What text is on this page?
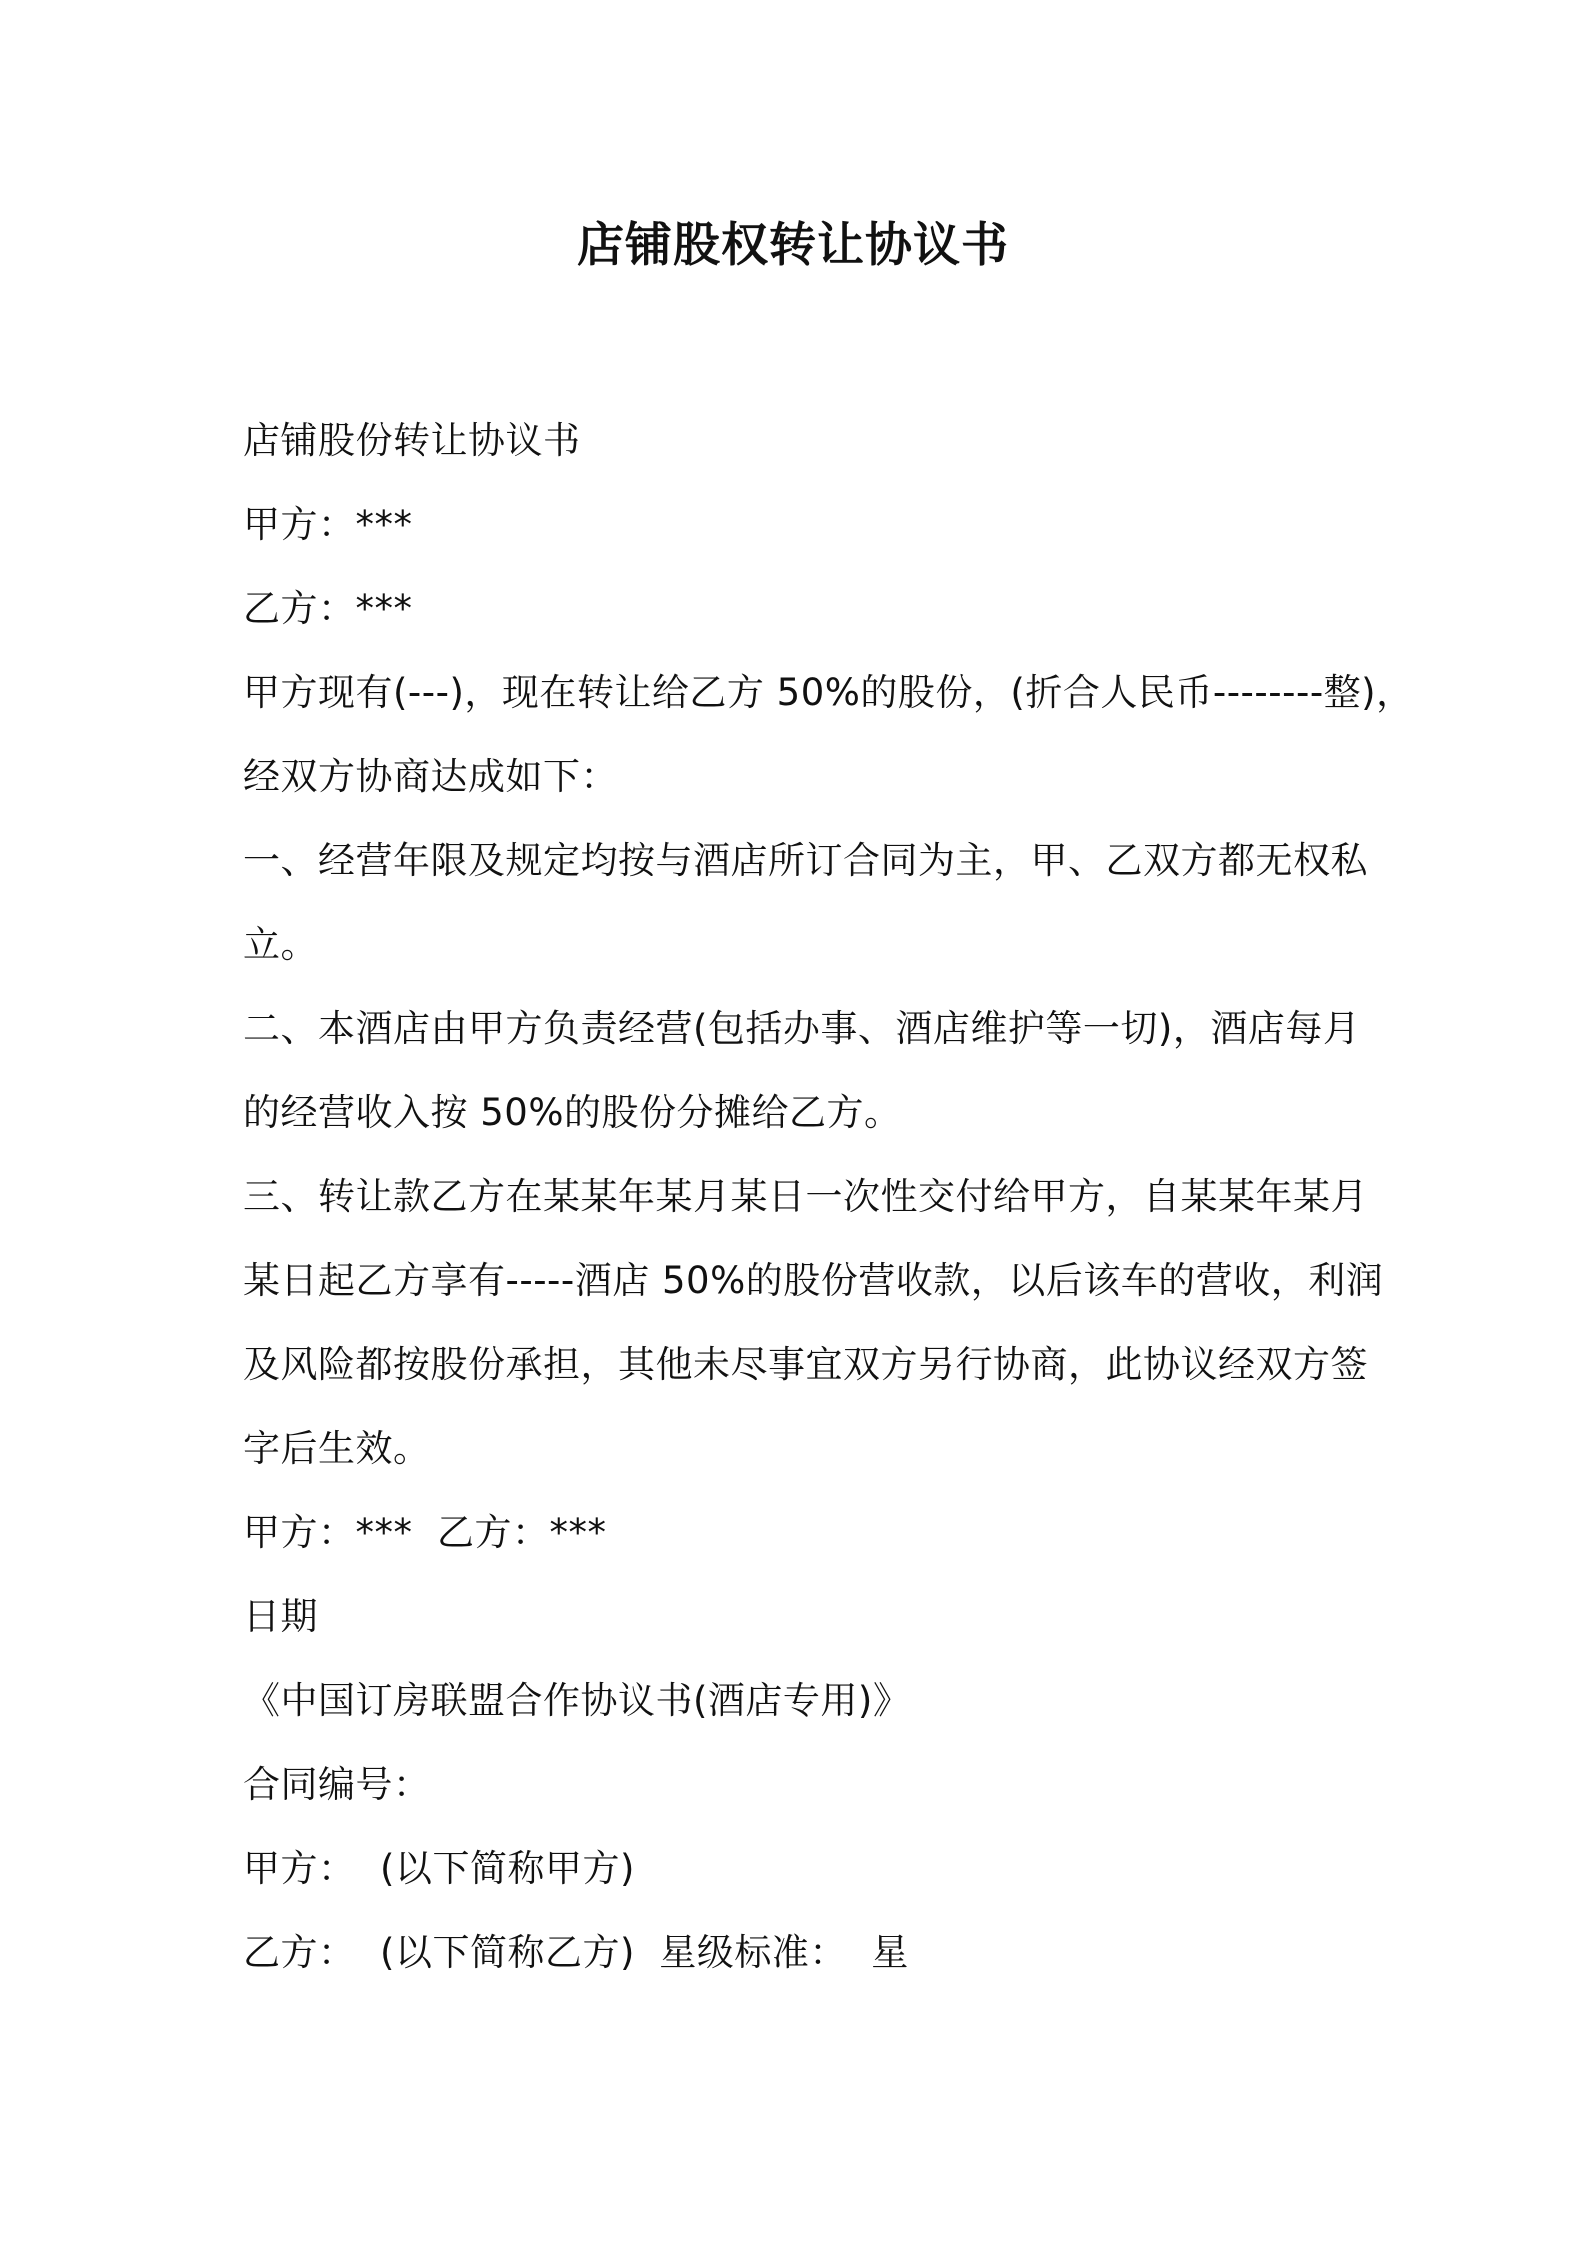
店铺股权转让协议书
店铺股份转让协议书
甲方：***
乙方：***
甲方现有(---)，现在转让给乙方 50%的股份，(折合人民币--------整)，
经双方协商达成如下：
一、经营年限及规定均按与酒店所订合同为主，甲、乙双方都无权私
立。
二、本酒店由甲方负责经营(包括办事、酒店维护等一切)，酒店每月
的经营收入按 50%的股份分摊给乙方。
三、转让款乙方在某某年某月某日一次性交付给甲方，自某某年某月
某日起乙方享有-----酒店 50%的股份营收款，以后该车的营收，利润
及风险都按股份承担，其他未尽事宜双方另行协商，此协议经双方签
字后生效。
甲方：***  乙方：***
日期
《中国订房联盟合作协议书(酒店专用)》
合同编号：
甲方：  (以下简称甲方)
乙方：  (以下简称乙方)  星级标准：  星
